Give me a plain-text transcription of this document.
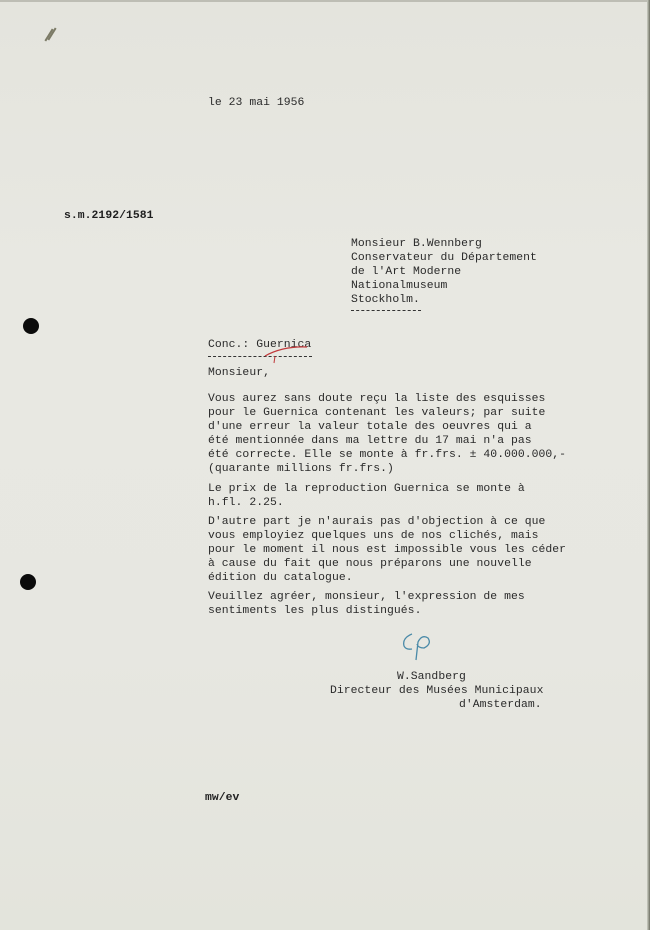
le 23 mai 1956
s.m.2192/1581
Monsieur B.Wennberg
Conservateur du Département
de l'Art Moderne
Nationalmuseum
Stockholm.
Conc.: Guernica
Monsieur,
Vous aurez sans doute reçu la liste des esquisses
pour le Guernica contenant les valeurs; par suite
d'une erreur la valeur totale des oeuvres qui a
été mentionnée dans ma lettre du 17 mai n'a pas
été correcte. Elle se monte à fr.frs. ± 40.000.000,-
(quarante millions fr.frs.)
Le prix de la reproduction Guernica se monte à
h.fl. 2.25.
D'autre part je n'aurais pas d'objection à ce que
vous employiez quelques uns de nos clichés, mais
pour le moment il nous est impossible vous les céder
à cause du fait que nous préparons une nouvelle
édition du catalogue.
Veuillez agréer, monsieur, l'expression de mes
sentiments les plus distingués.
W.Sandberg
Directeur des Musées Municipaux
d'Amsterdam.
mw/ev
